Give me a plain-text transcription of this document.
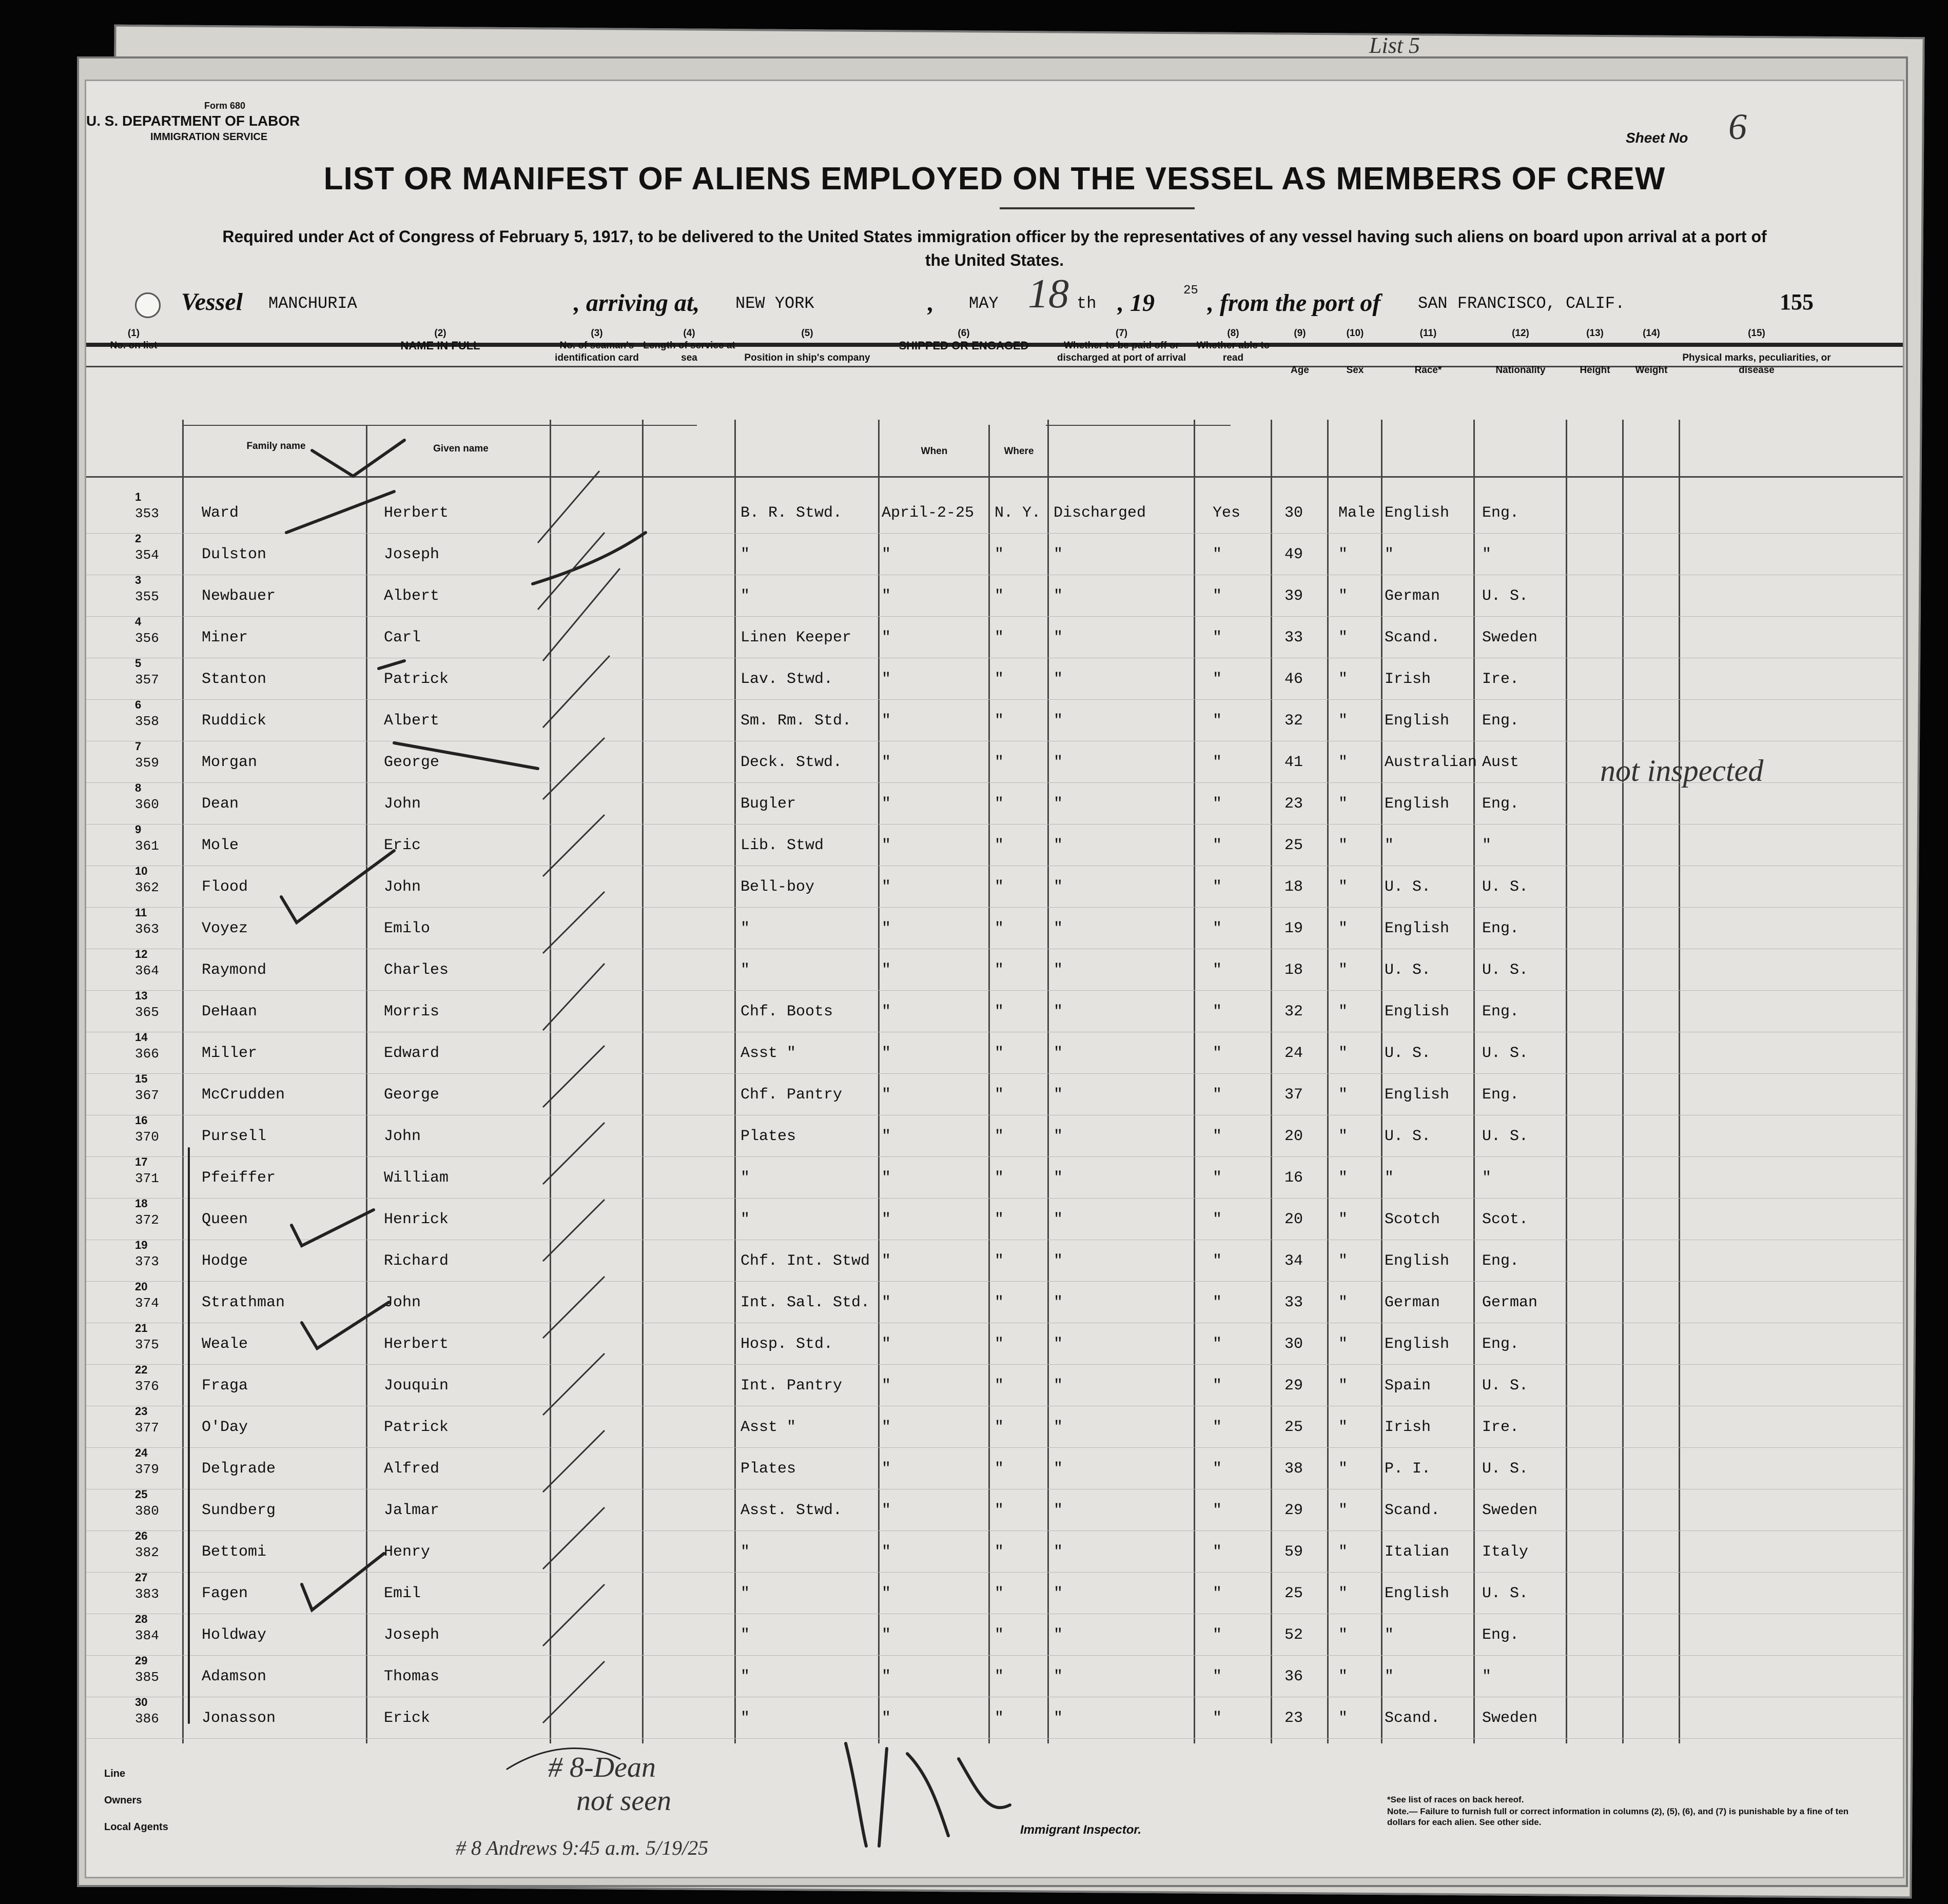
List 5
Form 680
U. S. DEPARTMENT OF LABOR
IMMIGRATION SERVICE	Sheet No 6
LIST OR MANIFEST OF ALIENS EMPLOYED ON THE VESSEL AS MEMBERS OF CREW
Required under Act of Congress of February 5, 1917, to be delivered to the United States immigration officer by the representatives of any vessel having such aliens on board upon arrival at a port of the United States.
Vessel MANCHURIA	, arriving at, NEW YORK	, MAY 18 th , 19 25 , from the port of SAN FRANCISCO, CALIF.	155
(1)
No. on list
(2)
NAME IN FULL
Family name	Given name
(3)
No. of seaman's identification card
(4)
Length of service at sea
(5)

Position in ship's company
(6)
SHIPPED OR ENGAGED
When	Where
(7)
Whether to be paid off or discharged at port of arrival
(8)
Whether able to read
(9)

Age
(10)

Sex
(11)

Race*
(12)

Nationality
(13)

Height
(14)

Weight
(15)

Physical marks, peculiarities, or disease
1
353	Ward	Herbert	B. R. Stwd.	April-2-25 N. Y. Discharged	Yes	30 Male English Eng.
2
354	Dulston	Joseph	"	"	"	"	"	49 " "	"
3
355	Newbauer	Albert	"	"	"	"	"	39 " German	U. S.
4
356	Miner	Carl	Linen Keeper "	"	"	"	33 " Scand.	Sweden
5
357	Stanton	Patrick	Lav. Stwd.	"	"	"	"	46 " Irish	Ire.
6
358	Ruddick	Albert	Sm. Rm. Std. "	"	"	"	32 " English Eng.
7
359	Morgan	George	Deck. Stwd.	"	"	"	"	41 " Australian Aust
8
360	Dean	John	Bugler	"	"	"	"	23 " English Eng.
9
361	Mole	Eric	Lib. Stwd	"	"	"	"	25 " "	"
10
362	Flood	John	Bell-boy	"	"	"	"	18 " U. S.	U. S.
11
363	Voyez	Emilo	"	"	"	"	"	19 " English Eng.
12
364	Raymond	Charles	"	"	"	"	"	18 " U. S.	U. S.
13
365	DeHaan	Morris	Chf. Boots	"	"	"	"	32 " English Eng.
14
366	Miller	Edward	Asst "	"	"	"	"	24 " U. S.	U. S.
15
367	McCrudden	George	Chf. Pantry	"	"	"	"	37 " English Eng.
16
370	Pursell	John	Plates	"	"	"	"	20 " U. S.	U. S.
17
371	Pfeiffer	William	"	"	"	"	"	16 " "	"
18
372	Queen	Henrick	"	"	"	"	"	20 " Scotch	Scot.
19
373	Hodge	Richard	Chf. Int. Stwd "	"	"	"	34 " English Eng.
20
374	Strathman	John	Int. Sal. Std. "	"	"	"	33 " German	German
21
375	Weale	Herbert	Hosp. Std.	"	"	"	"	30 " English Eng.
22
376	Fraga	Jouquin	Int. Pantry	"	"	"	"	29 " Spain	U. S.
23
377	O'Day	Patrick	Asst "	"	"	"	"	25 " Irish	Ire.
24
379	Delgrade	Alfred	Plates	"	"	"	"	38 " P. I.	U. S.
25
380	Sundberg	Jalmar	Asst. Stwd.	"	"	"	"	29 " Scand.	Sweden
26
382	Bettomi	Henry	"	"	"	"	"	59 " Italian Italy
27
383	Fagen	Emil	"	"	"	"	"	25 " English U. S.
28
384	Holdway	Joseph	"	"	"	"	"	52 " "	Eng.
29
385	Adamson	Thomas	"	"	"	"	"	36 " "	"
30
386	Jonasson	Erick	"	"	"	"	"	23 " Scand.	Sweden
not inspected
# 8-Dean
not seen
# 8 Andrews 9:45 a.m. 5/19/25
Line
Owners
Local Agents	Immigrant Inspector.
*See list of races on back hereof.
Note.— Failure to furnish full or correct information in columns (2), (5), (6), and (7) is punishable by a fine of ten dollars for each alien. See other side.
